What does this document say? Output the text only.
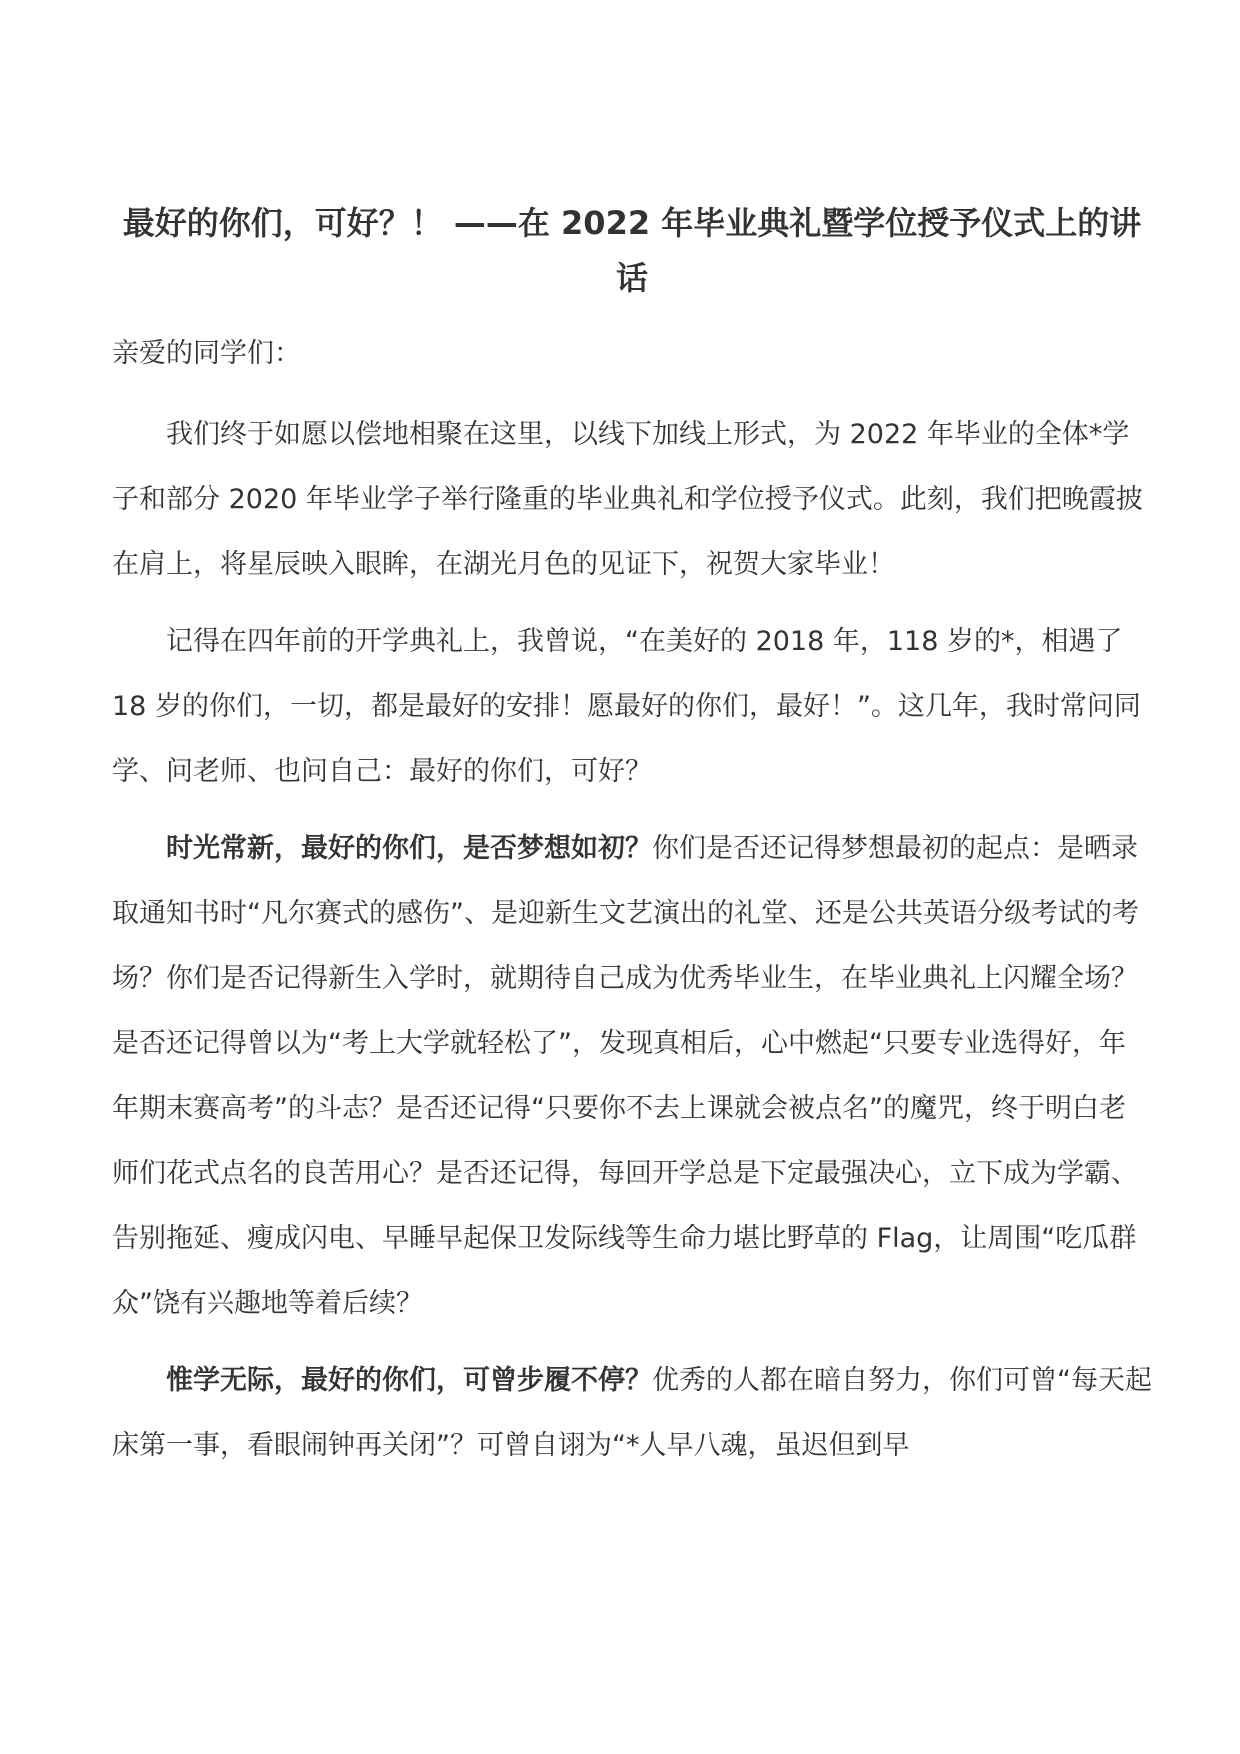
最好的你们，可好？！ ——在 2022 年毕业典礼暨学位授予仪式上的讲话

亲爱的同学们：

我们终于如愿以偿地相聚在这里，以线下加线上形式，为 2022 年毕业的全体*学子和部分 2020 年毕业学子举行隆重的毕业典礼和学位授予仪式。此刻，我们把晚霞披在肩上，将星辰映入眼眸，在湖光月色的见证下，祝贺大家毕业！

记得在四年前的开学典礼上，我曾说，“在美好的 2018 年，118 岁的*，相遇了 18 岁的你们，一切，都是最好的安排！愿最好的你们，最好！”。这几年，我时常问同学、问老师、也问自己：最好的你们，可好？

时光常新，最好的你们，是否梦想如初？你们是否还记得梦想最初的起点：是晒录取通知书时“凡尔赛式的感伤”、是迎新生文艺演出的礼堂、还是公共英语分级考试的考场？你们是否记得新生入学时，就期待自己成为优秀毕业生，在毕业典礼上闪耀全场？是否还记得曾以为“考上大学就轻松了”，发现真相后，心中燃起“只要专业选得好，年年期末赛高考”的斗志？是否还记得“只要你不去上课就会被点名”的魔咒，终于明白老师们花式点名的良苦用心？是否还记得，每回开学总是下定最强决心，立下成为学霸、告别拖延、瘦成闪电、早睡早起保卫发际线等生命力堪比野草的 Flag，让周围“吃瓜群众”饶有兴趣地等着后续？

惟学无际，最好的你们，可曾步履不停？优秀的人都在暗自努力，你们可曾“每天起床第一事，看眼闹钟再关闭”？可曾自诩为“*人早八魂，虽迟但到早
